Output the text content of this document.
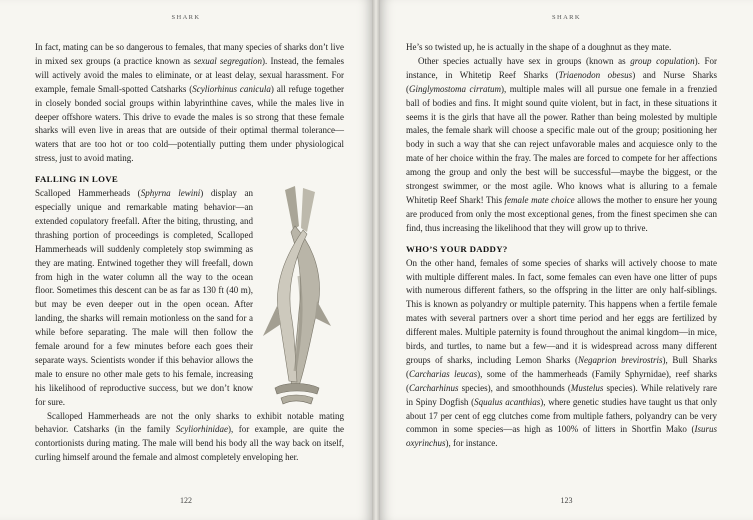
SHARK

In fact, mating can be so dangerous to females, that many species of sharks don’t live in mixed sex groups (a practice known as sexual segregation). Instead, the females will actively avoid the males to eliminate, or at least delay, sexual harassment. For example, female Small-spotted Catsharks (Scyliorhinus canicula) all refuge together in closely bonded social groups within labyrinthine caves, while the males live in deeper offshore waters. This drive to evade the males is so strong that these female sharks will even live in areas that are outside of their optimal thermal tolerance—waters that are too hot or too cold—potentially putting them under physiological stress, just to avoid mating.

FALLING IN LOVE

Scalloped Hammerheads (Sphyrna lewini) display an especially unique and remarkable mating behavior—an extended copulatory freefall. After the biting, thrusting, and thrashing portion of proceedings is completed, Scalloped Hammerheads will suddenly completely stop swimming as they are mating. Entwined together they will freefall, down from high in the water column all the way to the ocean floor. Sometimes this descent can be as far as 130 ft (40 m), but may be even deeper out in the open ocean. After landing, the sharks will remain motionless on the sand for a while before separating. The male will then follow the female around for a few minutes before each goes their separate ways. Scientists wonder if this behavior allows the male to ensure no other male gets to his female, increasing his likelihood of reproductive success, but we don’t know for sure.

Scalloped Hammerheads are not the only sharks to exhibit notable mating behavior. Catsharks (in the family Scyliorhinidae), for example, are quite the contortionists during mating. The male will bend his body all the way back on itself, curling himself around the female and almost completely enveloping her.

122
SHARK

He’s so twisted up, he is actually in the shape of a doughnut as they mate.

Other species actually have sex in groups (known as group copulation). For instance, in Whitetip Reef Sharks (Triaenodon obesus) and Nurse Sharks (Ginglymostoma cirratum), multiple males will all pursue one female in a frenzied ball of bodies and fins. It might sound quite violent, but in fact, in these situations it seems it is the girls that have all the power. Rather than being molested by multiple males, the female shark will choose a specific male out of the group; positioning her body in such a way that she can reject unfavorable males and acquiesce only to the mate of her choice within the fray. The males are forced to compete for her affections among the group and only the best will be successful—maybe the biggest, or the strongest swimmer, or the most agile. Who knows what is alluring to a female Whitetip Reef Shark! This female mate choice allows the mother to ensure her young are produced from only the most exceptional genes, from the finest specimen she can find, thus increasing the likelihood that they will grow up to thrive.

WHO’S YOUR DADDY?

On the other hand, females of some species of sharks will actively choose to mate with multiple different males. In fact, some females can even have one litter of pups with numerous different fathers, so the offspring in the litter are only half-siblings. This is known as polyandry or multiple paternity. This happens when a fertile female mates with several partners over a short time period and her eggs are fertilized by different males. Multiple paternity is found throughout the animal kingdom—in mice, birds, and turtles, to name but a few—and it is widespread across many different groups of sharks, including Lemon Sharks (Negaprion brevirostris), Bull Sharks (Carcharias leucas), some of the hammerheads (Family Sphyrnidae), reef sharks (Carcharhinus species), and smoothhounds (Mustelus species). While relatively rare in Spiny Dogfish (Squalus acanthias), where genetic studies have taught us that only about 17 per cent of egg clutches come from multiple fathers, polyandry can be very common in some species—as high as 100% of litters in Shortfin Mako (Isurus oxyrinchus), for instance.

123
